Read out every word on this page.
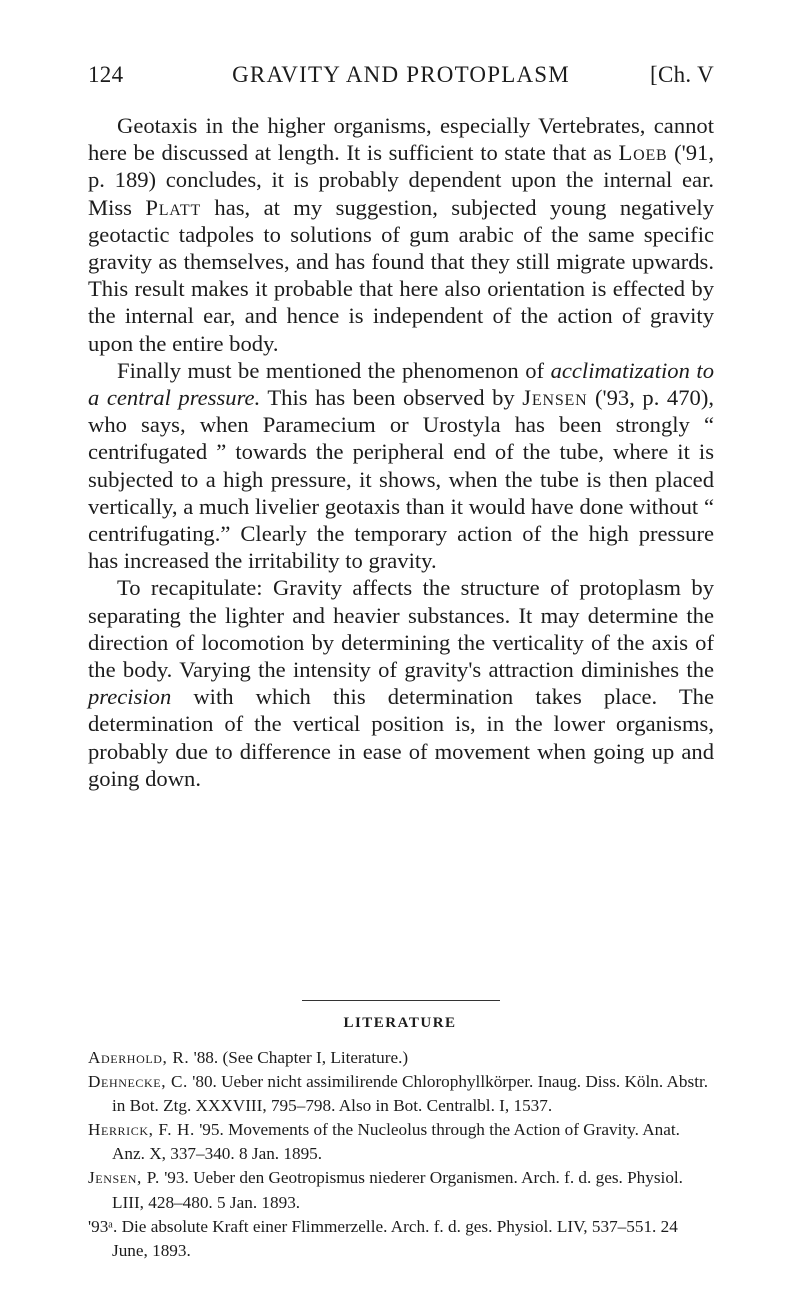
124	GRAVITY AND PROTOPLASM	[Ch. V

Geotaxis in the higher organisms, especially Vertebrates, cannot here be discussed at length. It is sufficient to state that as Loeb ('91, p. 189) concludes, it is probably dependent upon the internal ear. Miss Platt has, at my suggestion, subjected young negatively geotactic tadpoles to solutions of gum arabic of the same specific gravity as themselves, and has found that they still migrate upwards. This result makes it probable that here also orientation is effected by the internal ear, and hence is independent of the action of gravity upon the entire body.

Finally must be mentioned the phenomenon of acclimatization to a central pressure. This has been observed by Jensen ('93, p. 470), who says, when Paramecium or Urostyla has been strongly “ centrifugated ” towards the peripheral end of the tube, where it is subjected to a high pressure, it shows, when the tube is then placed vertically, a much livelier geotaxis than it would have done without “ centrifugating.” Clearly the temporary action of the high pressure has increased the irritability to gravity.

To recapitulate: Gravity affects the structure of protoplasm by separating the lighter and heavier substances. It may determine the direction of locomotion by determining the verticality of the axis of the body. Varying the intensity of gravity's attraction diminishes the precision with which this determination takes place. The determination of the vertical position is, in the lower organisms, probably due to difference in ease of movement when going up and going down.

LITERATURE

Aderhold, R. '88. (See Chapter I, Literature.)

Dehnecke, C. '80. Ueber nicht assimilirende Chlorophyllkörper. Inaug. Diss. Köln. Abstr. in Bot. Ztg. XXXVIII, 795–798. Also in Bot. Centralbl. I, 1537.

Herrick, F. H. '95. Movements of the Nucleolus through the Action of Gravity. Anat. Anz. X, 337–340. 8 Jan. 1895.

Jensen, P. '93. Ueber den Geotropismus niederer Organismen. Arch. f. d. ges. Physiol. LIII, 428–480. 5 Jan. 1893.

'93ᵃ. Die absolute Kraft einer Flimmerzelle. Arch. f. d. ges. Physiol. LIV, 537–551. 24 June, 1893.
